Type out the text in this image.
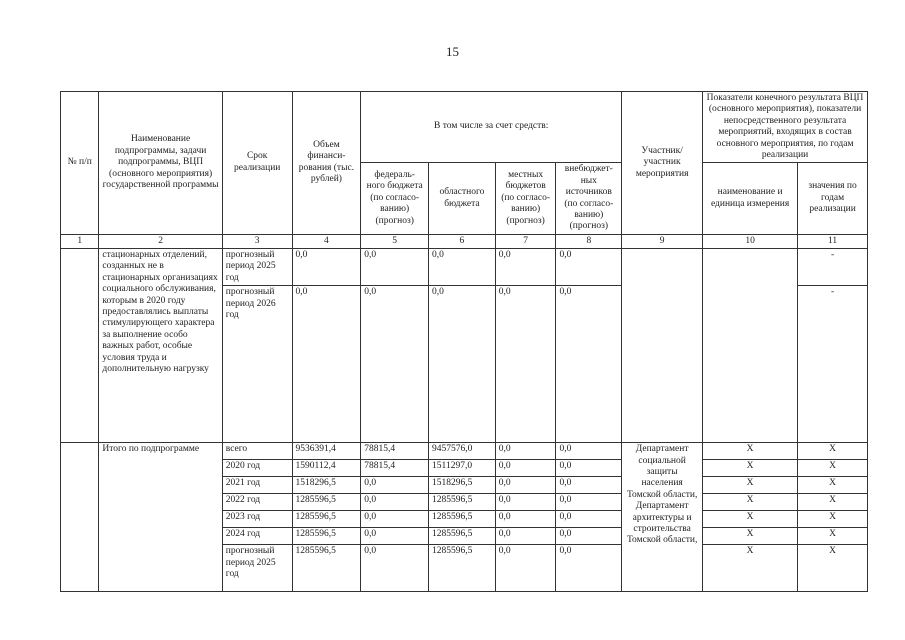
15
№ п/п	Наименование подпрограммы, задачи подпрограммы, ВЦП (основного мероприятия) государственной программы	Срок реализации	Объем финанси- рования (тыс. рублей)	В том числе за счет средств:				Участник/ участник мероприятия	Показатели конечного результата ВЦП (основного мероприятия), показатели непосредственного результата мероприятий, входящих в состав основного мероприятия, по годам реализации	
				федераль- ного бюджета (по согласо- ванию) (прогноз)	областного бюджета	местных бюджетов (по согласо- ванию) (прогноз)	внебюджет- ных источников (по согласо- ванию) (прогноз)		наименование и единица измерения	значения по годам реализации
1	2	3	4	5	6	7	8	9	10	11
	стационарных отделений, созданных не в стационарных организациях социального обслуживания, которым в 2020 году предоставлялись выплаты стимулирующего характера за выполнение особо важных работ, особые условия труда и дополнительную нагрузку	прогнозный период 2025 год	0,0	0,0	0,0	0,0	0,0			-
		прогнозный период 2026 год	0,0	0,0	0,0	0,0	0,0			-
	Итого по подпрограмме	всего	9536391,4	78815,4	9457576,0	0,0	0,0	Департамент социальной защиты населения Томской области, Департамент архитектуры и строительства Томской области,	Х	Х
		2020 год	1590112,4	78815,4	1511297,0	0,0	0,0		Х	Х
		2021 год	1518296,5	0,0	1518296,5	0,0	0,0		Х	Х
		2022 год	1285596,5	0,0	1285596,5	0,0	0,0		Х	Х
		2023 год	1285596,5	0,0	1285596,5	0,0	0,0		Х	Х
		2024 год	1285596,5	0,0	1285596,5	0,0	0,0		Х	Х
		прогнозный период 2025 год	1285596,5	0,0	1285596,5	0,0	0,0		Х	Х
